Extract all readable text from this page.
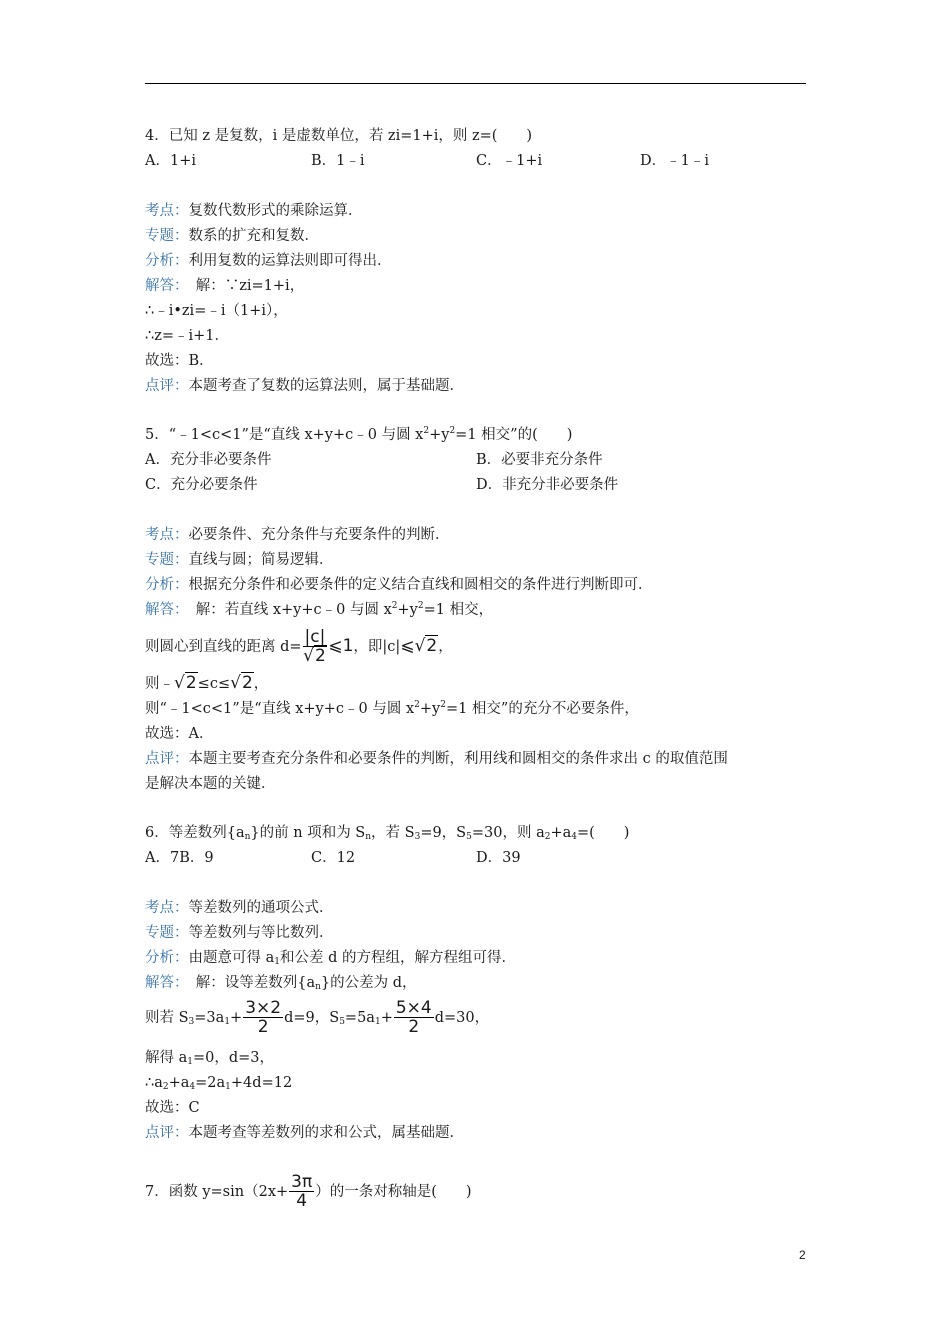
4．已知 z 是复数，i 是虚数单位，若 zi=1+i，则 z=(　　)
A．1+i	B．1﹣i	C．﹣1+i	D．﹣1﹣i
考点：复数代数形式的乘除运算．
专题：数系的扩充和复数．
分析：利用复数的运算法则即可得出．
解答：　解：∵zi=1+i，
∴﹣i•zi=﹣i（1+i），
∴z=﹣i+1．
故选：B．
点评：本题考查了复数的运算法则，属于基础题．
5．“﹣1<c<1”是“直线 x+y+c﹣0 与圆 $x^2+y^2=1$ 相交”的(　　)
A．充分非必要条件	B．必要非充分条件
C．充分必要条件	D．非充分非必要条件
考点：必要条件、充分条件与充要条件的判断．
专题：直线与圆；简易逻辑．
分析：根据充分条件和必要条件的定义结合直线和圆相交的条件进行判断即可．
解答：　解：若直线 x+y+c﹣0 与圆 $x^2+y^2=1$ 相交，
则圆心到直线的距离 $d= \frac{|c|}{√2}$ ⩽1，即|c|⩽√2，
则﹣√2≤c≤√2，
则“﹣1<c<1”是“直线 x+y+c﹣0 与圆 $x^2+y^2=1$ 相交”的充分不必要条件，
故选：A．
点评：本题主要考查充分条件和必要条件的判断，利用线和圆相交的条件求出 c 的取值范围
是解决本题的关键．
6．等差数列$\{a_n\}$的前 n 项和为 $S_n$，若 $S_3=9$，$S_5=30$，则 $a_2+a_4=$(　　)
A．7B．9	C．12	D．39
考点：等差数列的通项公式．
专题：等差数列与等比数列．
分析：由题意可得 $a_1$和公差 d 的方程组，解方程组可得．
解答：　解：设等差数列$\{a_n\}$的公差为 d，
则若 $S_3=3a_1+ \frac{3\times 2}{2} d=9$，$S_5=5a_1+ \frac{5\times 4}{2} d=30$，
解得 $a_1=0$，d=3，
$\therefore a_2+a_4=2a_1+4d=12$
故选：C
点评：本题考查等差数列的求和公式，属基础题．
7．函数 $y=\sin(2x+ \frac{3\pi}{4}$ ）的一条对称轴是(　　)
2
